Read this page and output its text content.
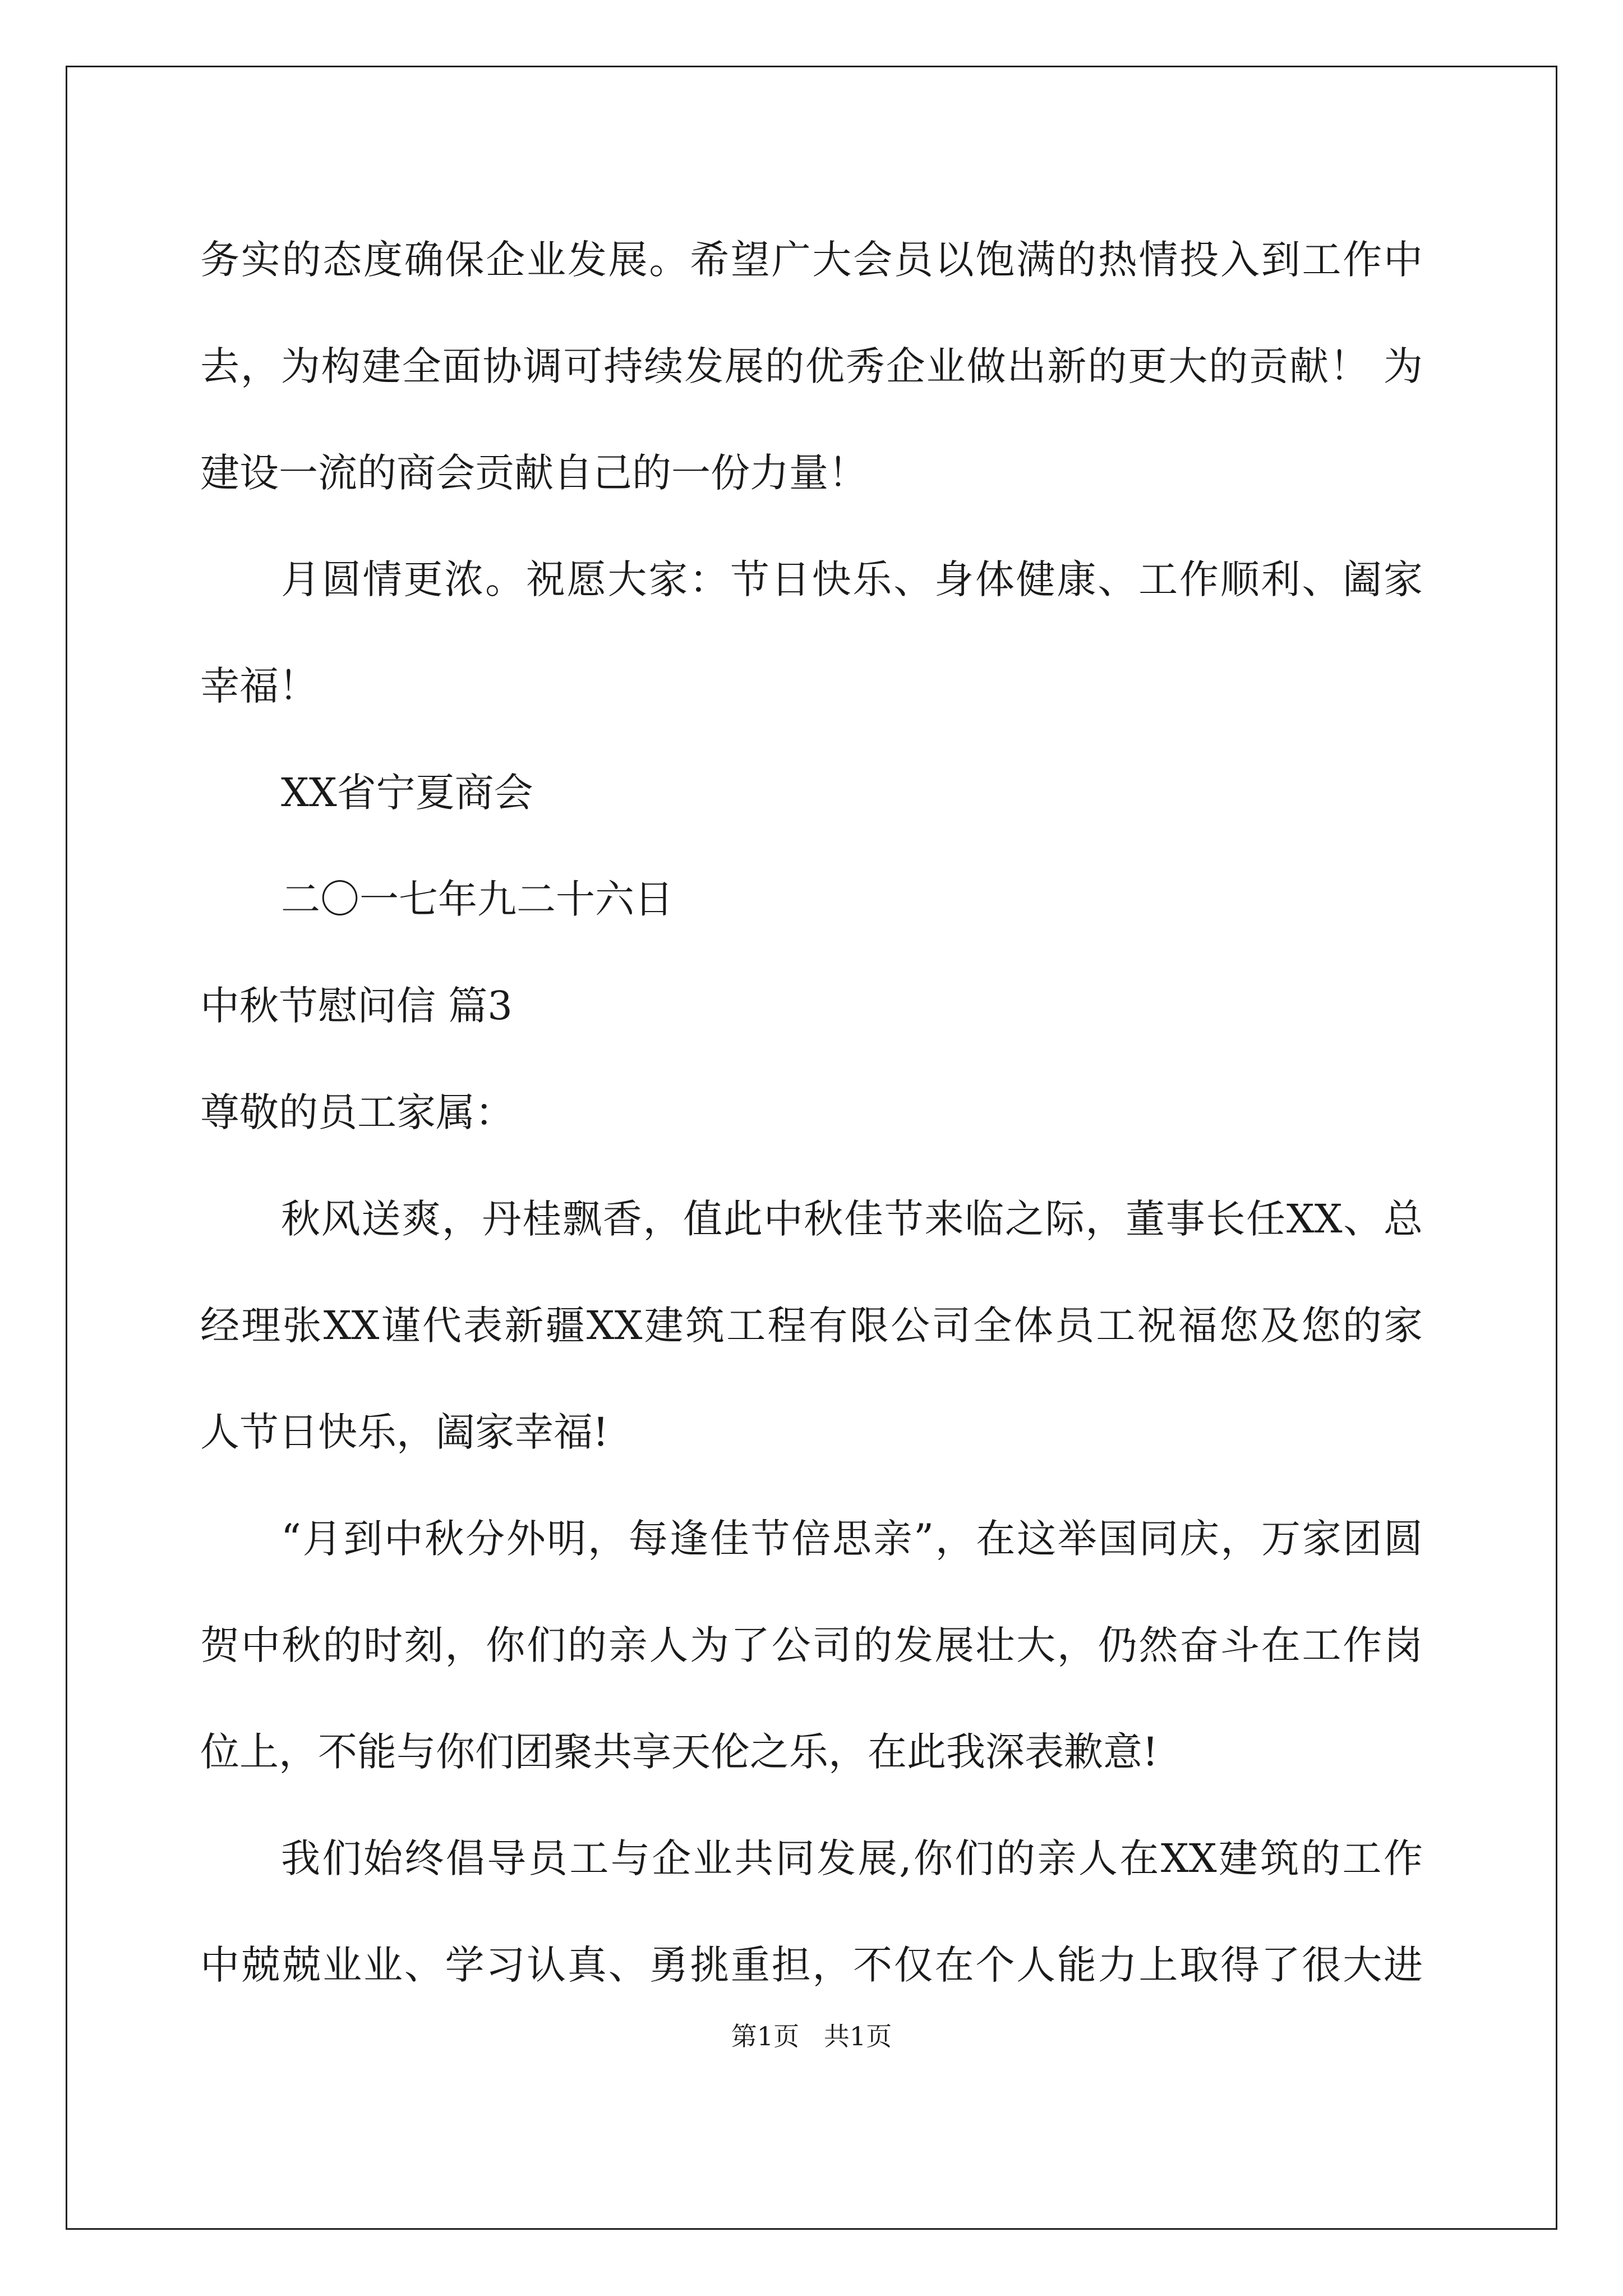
务实的态度确保企业发展。希望广大会员以饱满的热情投入到工作中
去，为构建全面协调可持续发展的优秀企业做出新的更大的贡献！ 为
建设一流的商会贡献自己的一份力量！
月圆情更浓。祝愿大家：节日快乐、身体健康、工作顺利、阖家
幸福！
XX省宁夏商会
二〇一七年九二十六日
中秋节慰问信 篇3
尊敬的员工家属：
秋风送爽，丹桂飘香，值此中秋佳节来临之际，董事长任XX、总
经理张XX谨代表新疆XX建筑工程有限公司全体员工祝福您及您的家
人节日快乐，阖家幸福!
“月到中秋分外明，每逢佳节倍思亲”，在这举国同庆，万家团圆
贺中秋的时刻，你们的亲人为了公司的发展壮大，仍然奋斗在工作岗
位上，不能与你们团聚共享天伦之乐，在此我深表歉意!
我们始终倡导员工与企业共同发展,你们的亲人在XX建筑的工作
中兢兢业业、学习认真、勇挑重担，不仅在个人能力上取得了很大进
第1页   共1页
